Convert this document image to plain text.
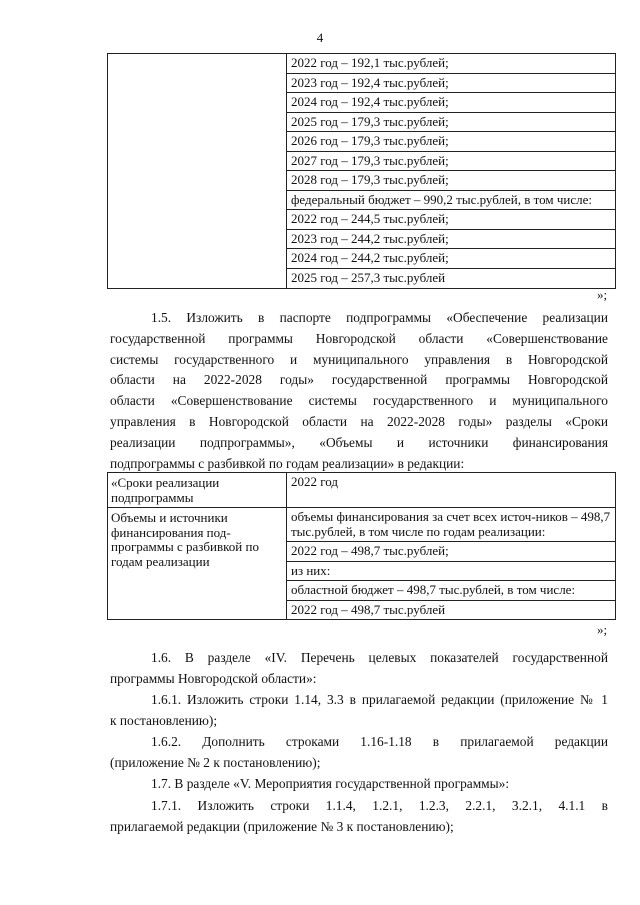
4

2022 год – 192,1 тыс.рублей;
2023 год – 192,4 тыс.рублей;
2024 год – 192,4 тыс.рублей;
2025 год – 179,3 тыс.рублей;
2026 год – 179,3 тыс.рублей;
2027 год – 179,3 тыс.рублей;
2028 год – 179,3 тыс.рублей;
федеральный бюджет – 990,2 тыс.рублей, в том числе:
2022 год – 244,5 тыс.рублей;
2023 год – 244,2 тыс.рублей;
2024 год – 244,2 тыс.рублей;
2025 год – 257,3 тыс.рублей
»;
1.5. Изложить в паспорте подпрограммы «Обеспечение реализации
государственной программы Новгородской области «Совершенствование
системы государственного и муниципального управления в Новгородской
области на 2022-2028 годы» государственной программы Новгородской
области «Совершенствование системы государственного и муниципального
управления в Новгородской области на 2022-2028 годы» разделы «Сроки
реализации подпрограммы», «Объемы и источники финансирования
подпрограммы с разбивкой по годам реализации» в редакции:
«Сроки реализации подпрограммы	2022 год

Объемы и источники финансирования под-программы с разбивкой по годам реализации	объемы финансирования за счет всех источ-ников – 498,7 тыс.рублей, в том числе по годам реализации:
2022 год – 498,7 тыс.рублей;
из них:
областной бюджет – 498,7 тыс.рублей, в том числе:
2022 год – 498,7 тыс.рублей
»;
1.6. В разделе «IV. Перечень целевых показателей государственной
программы Новгородской области»:
1.6.1. Изложить строки 1.14, 3.3 в прилагаемой редакции (приложение № 1
к постановлению);
1.6.2. Дополнить строками 1.16-1.18 в прилагаемой редакции
(приложение № 2 к постановлению);
1.7. В разделе «V. Мероприятия государственной программы»:
1.7.1. Изложить строки 1.1.4, 1.2.1, 1.2.3, 2.2.1, 3.2.1, 4.1.1 в
прилагаемой редакции (приложение № 3 к постановлению);
